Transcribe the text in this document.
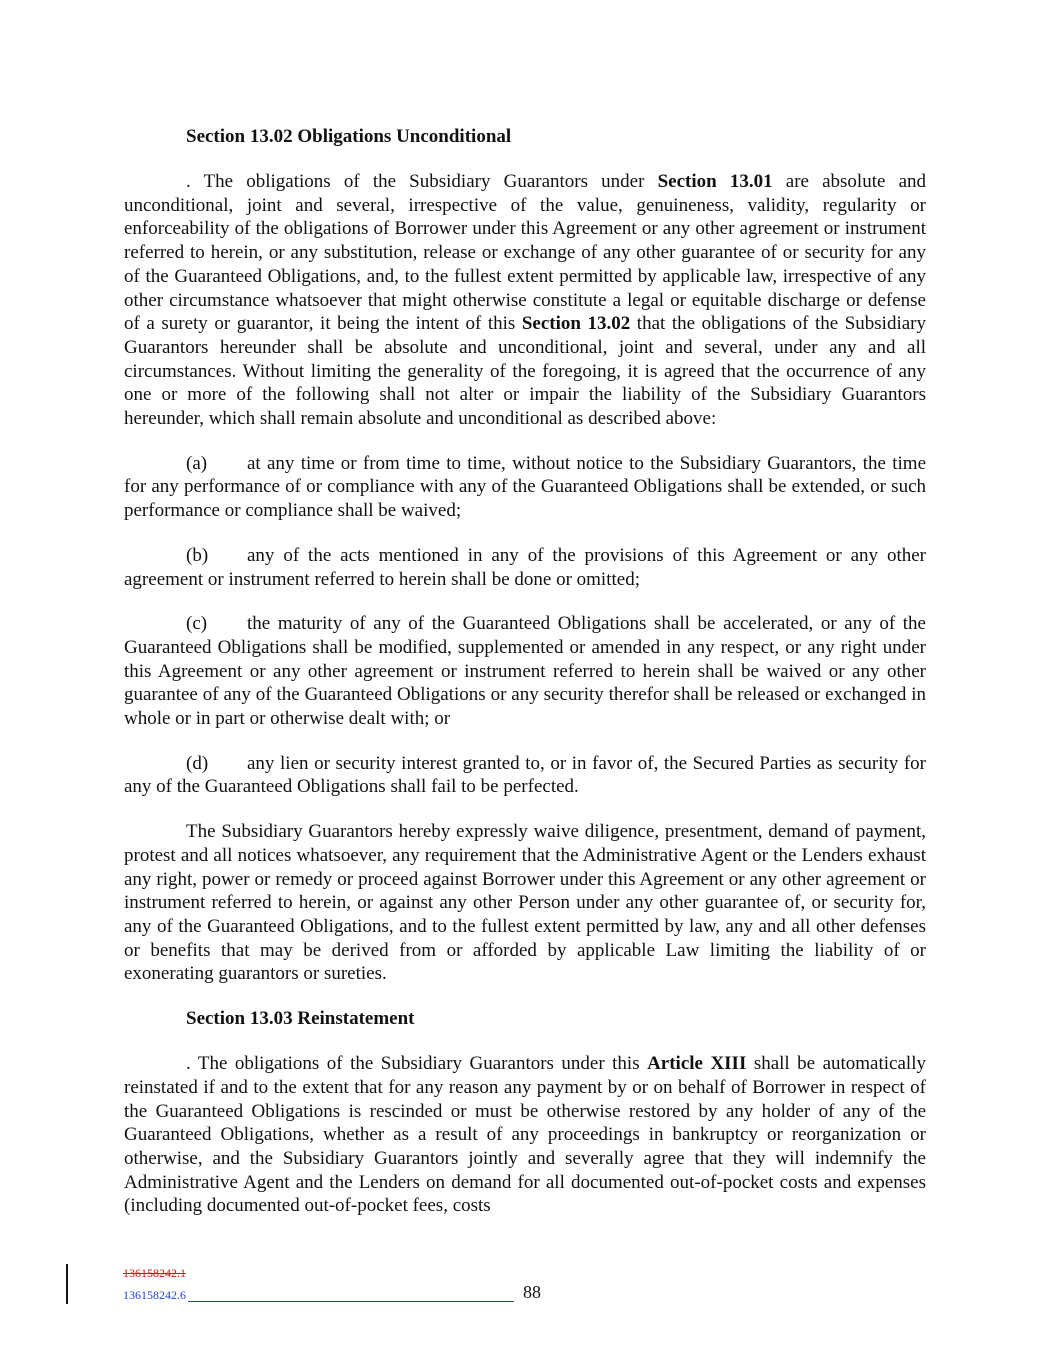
Section 13.02 Obligations Unconditional

. The obligations of the Subsidiary Guarantors under Section 13.01 are absolute and unconditional, joint and several, irrespective of the value, genuineness, validity, regularity or enforceability of the obligations of Borrower under this Agreement or any other agreement or instrument referred to herein, or any substitution, release or exchange of any other guarantee of or security for any of the Guaranteed Obligations, and, to the fullest extent permitted by applicable law, irrespective of any other circumstance whatsoever that might otherwise constitute a legal or equitable discharge or defense of a surety or guarantor, it being the intent of this Section 13.02 that the obligations of the Subsidiary Guarantors hereunder shall be absolute and unconditional, joint and several, under any and all circumstances. Without limiting the generality of the foregoing, it is agreed that the occurrence of any one or more of the following shall not alter or impair the liability of the Subsidiary Guarantors hereunder, which shall remain absolute and unconditional as described above:

(a) at any time or from time to time, without notice to the Subsidiary Guarantors, the time for any performance of or compliance with any of the Guaranteed Obligations shall be extended, or such performance or compliance shall be waived;

(b) any of the acts mentioned in any of the provisions of this Agreement or any other agreement or instrument referred to herein shall be done or omitted;

(c) the maturity of any of the Guaranteed Obligations shall be accelerated, or any of the Guaranteed Obligations shall be modified, supplemented or amended in any respect, or any right under this Agreement or any other agreement or instrument referred to herein shall be waived or any other guarantee of any of the Guaranteed Obligations or any security therefor shall be released or exchanged in whole or in part or otherwise dealt with; or

(d) any lien or security interest granted to, or in favor of, the Secured Parties as security for any of the Guaranteed Obligations shall fail to be perfected.

The Subsidiary Guarantors hereby expressly waive diligence, presentment, demand of payment, protest and all notices whatsoever, any requirement that the Administrative Agent or the Lenders exhaust any right, power or remedy or proceed against Borrower under this Agreement or any other agreement or instrument referred to herein, or against any other Person under any other guarantee of, or security for, any of the Guaranteed Obligations, and to the fullest extent permitted by law, any and all other defenses or benefits that may be derived from or afforded by applicable Law limiting the liability of or exonerating guarantors or sureties.

Section 13.03 Reinstatement

. The obligations of the Subsidiary Guarantors under this Article XIII shall be automatically reinstated if and to the extent that for any reason any payment by or on behalf of Borrower in respect of the Guaranteed Obligations is rescinded or must be otherwise restored by any holder of any of the Guaranteed Obligations, whether as a result of any proceedings in bankruptcy or reorganization or otherwise, and the Subsidiary Guarantors jointly and severally agree that they will indemnify the Administrative Agent and the Lenders on demand for all documented out-of-pocket costs and expenses (including documented out-of-pocket fees, costs

136158242.1
136158242.6	88
